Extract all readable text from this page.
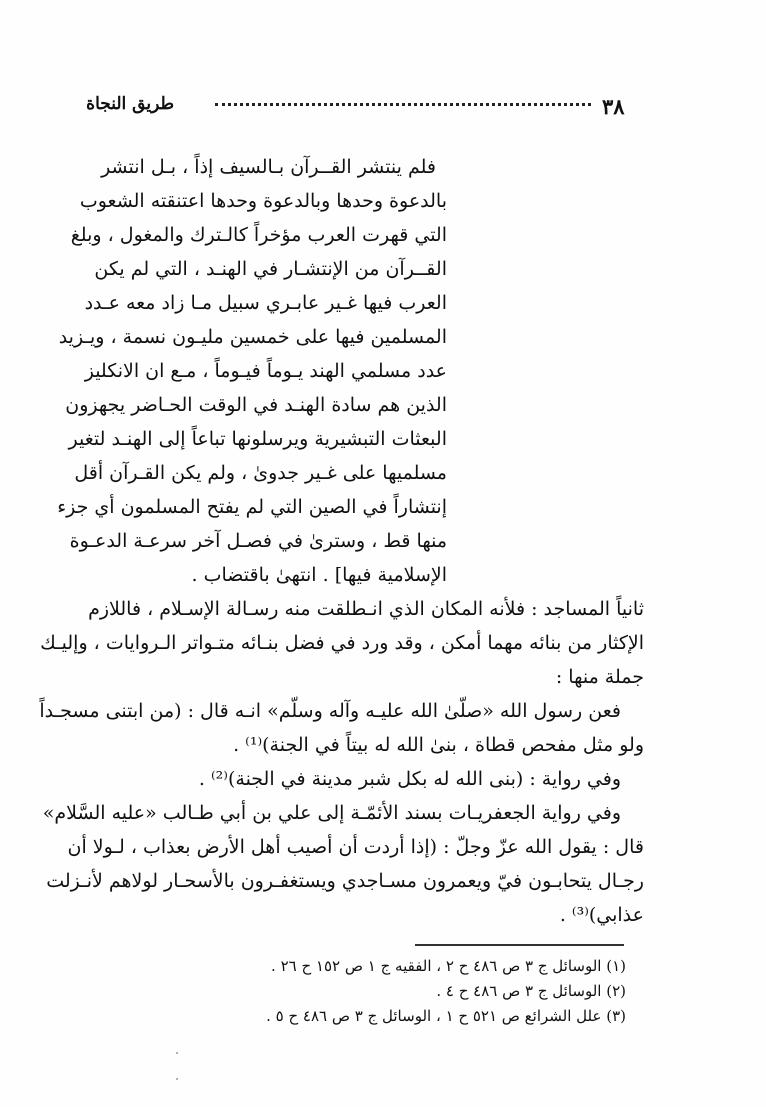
٣٨
طريق النجاة
فلم ينتشر القــرآن بـالسيف إذاً ، بـل انتشر
بالدعوة وحدها وبالدعوة وحدها اعتنقته الشعوب
التي قهرت العرب مؤخراً كالـترك والمغول ، وبلغ
القــرآن من الإنتشـار في الهنـد ، التي لم يكن
العرب فيها غـير عابـري سبيل مـا زاد معه عـدد
المسلمين فيها على خمسين مليـون نسمة ، ويـزيد
عدد مسلمي الهند يـوماً فيـوماً ، مـع ان الانكليز
الذين هم سادة الهنـد في الوقت الحـاضر يجهزون
البعثات التبشيرية ويرسلونها تباعاً إلى الهنـد لتغير
مسلميها على غـير جدوىٰ ، ولم يكن القـرآن أقل
إنتشاراً في الصين التي لم يفتح المسلمون أي جزء
منها قط ، وسترىٰ في فصـل آخر سرعـة الدعـوة
الإسلامية فيها] . انتهىٰ باقتضاب .
ثانياً المساجد : فلأنه المكان الذي انـطلقت منه رسـالة الإسـلام ، فاللازم
الإكثار من بنائه مهما أمكن ، وقد ورد في فضل بنـائه متـواتر الـروايات ، وإليـك
جملة منها :
فعن رسول الله «صلّىٰ الله عليـه وآله وسلّم» انـه قال : (من ابتنى مسجـداً
ولو مثل مفحص قطاة ، بنىٰ الله له بيتاً في الجنة)⁽¹⁾ .
وفي رواية : (بنى الله له بكل شبر مدينة في الجنة)⁽²⁾ .
وفي رواية الجعفريـات بسند الأئمّـة إلى علي بن أبي طـالب «عليه السَّلام»
قال : يقول الله عزّ وجلّ : (إذا أردت أن أصيب أهل الأرض بعذاب ، لـولا أن
رجـال يتحابـون فيّ ويعمرون مسـاجدي ويستغفـرون بالأسحـار لولاهم لأنـزلت
عذابي)⁽³⁾ .
(١) الوسائل ج ٣ ص ٤٨٦ ح ٢ ، الفقيه ج ١ ص ١٥٢ ح ٢٦ .
(٢) الوسائل ج ٣ ص ٤٨٦ ح ٤ .
(٣) علل الشرائع ص ٥٢١ ح ١ ، الوسائل ج ٣ ص ٤٨٦ ح ٥ .
